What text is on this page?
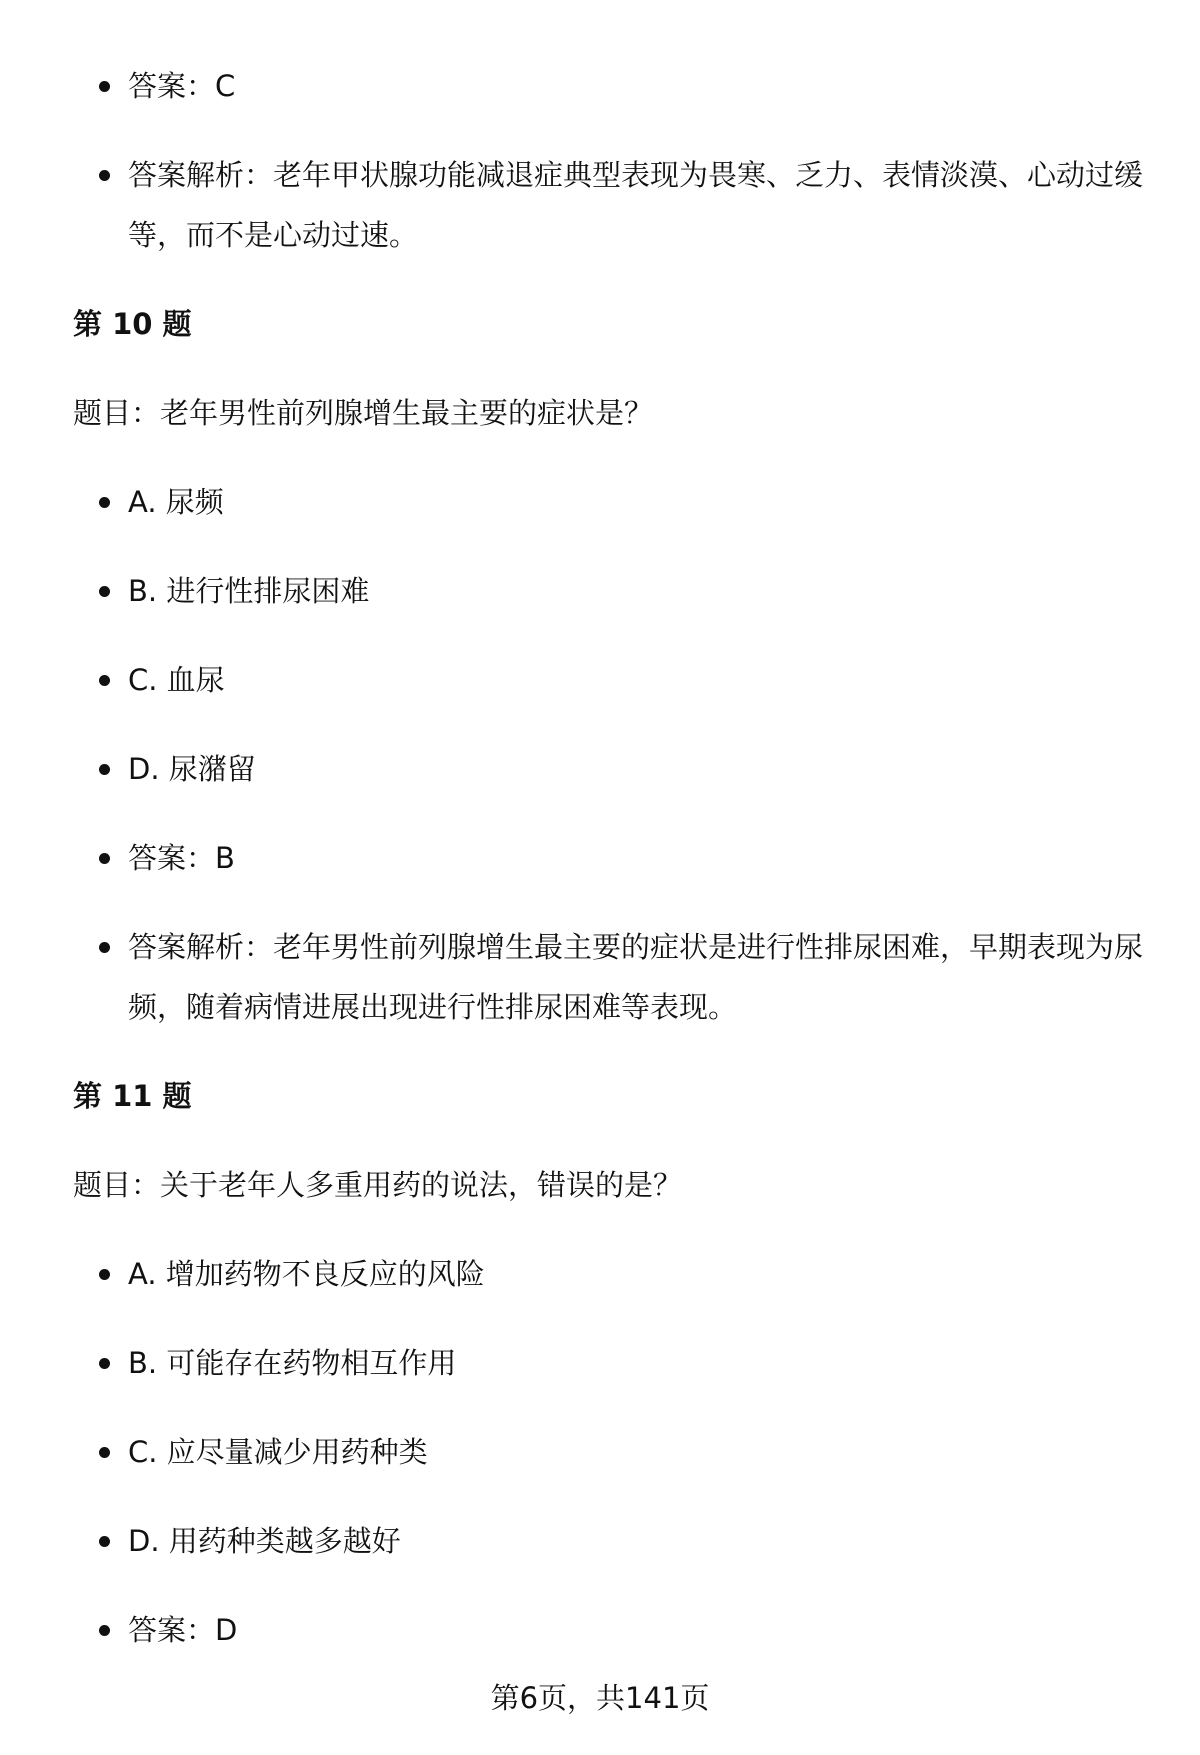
答案：C
答案解析：老年甲状腺功能减退症典型表现为畏寒、乏力、表情淡漠、心动过缓等，而不是心动过速。
第 10 题
题目：老年男性前列腺增生最主要的症状是？
A. 尿频
B. 进行性排尿困难
C. 血尿
D. 尿潴留
答案：B
答案解析：老年男性前列腺增生最主要的症状是进行性排尿困难，早期表现为尿频，随着病情进展出现进行性排尿困难等表现。
第 11 题
题目：关于老年人多重用药的说法，错误的是？
A. 增加药物不良反应的风险
B. 可能存在药物相互作用
C. 应尽量减少用药种类
D. 用药种类越多越好
答案：D
第6页，共141页
